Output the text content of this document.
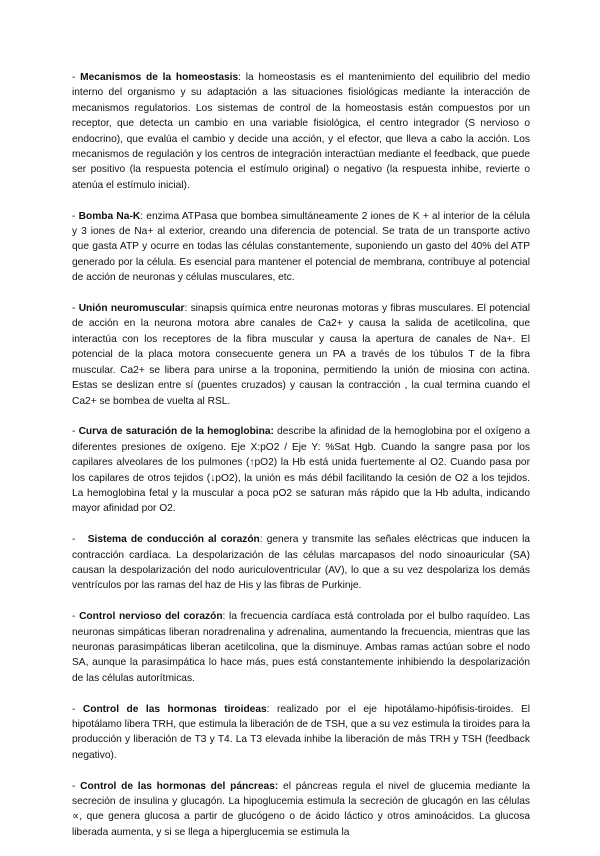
- Mecanismos de la homeostasis: la homeostasis es el mantenimiento del equilibrio del medio interno del organismo y su adaptación a las situaciones fisiológicas mediante la interacción de mecanismos regulatorios. Los sistemas de control de la homeostasis están compuestos por un receptor, que detecta un cambio en una variable fisiológica, el centro integrador (S nervioso o endocrino), que evalúa el cambio y decide una acción, y el efector, que lleva a cabo la acción. Los mecanismos de regulación y los centros de integración interactúan mediante el feedback, que puede ser positivo (la respuesta potencia el estímulo original) o negativo (la respuesta inhibe, revierte o atenúa el estímulo inicial).

- Bomba Na-K: enzima ATPasa que bombea simultáneamente 2 iones de K + al interior de la célula y 3 iones de Na+ al exterior, creando una diferencia de potencial. Se trata de un transporte activo que gasta ATP y ocurre en todas las células constantemente, suponiendo un gasto del 40% del ATP generado por la célula. Es esencial para mantener el potencial de membrana, contribuye al potencial de acción de neuronas y células musculares, etc.

- Unión neuromuscular: sinapsis química entre neuronas motoras y fibras musculares. El potencial de acción en la neurona motora abre canales de Ca2+ y causa la salida de acetilcolina, que interactúa con los receptores de la fibra muscular y causa la apertura de canales de Na+. El potencial de la placa motora consecuente genera un PA a través de los túbulos T de la fibra muscular. Ca2+ se libera para unirse a la troponina, permitiendo la unión de miosina con actina. Estas se deslizan entre sí (puentes cruzados) y causan la contracción , la cual termina cuando el Ca2+ se bombea de vuelta al RSL.

- Curva de saturación de la hemoglobina: describe la afinidad de la hemoglobina por el oxígeno a diferentes presiones de oxígeno. Eje X:pO2 / Eje Y: %Sat Hgb. Cuando la sangre pasa por los capilares alveolares de los pulmones (↑pO2) la Hb está unida fuertemente al O2. Cuando pasa por los capilares de otros tejidos (↓pO2), la unión es más débil facilitando la cesión de O2 a los tejidos. La hemoglobina fetal y la muscular a poca pO2 se saturan más rápido que la Hb adulta, indicando mayor afinidad por O2.

-   Sistema de conducción al corazón: genera y transmite las señales eléctricas que inducen la contracción cardíaca. La despolarización de las células marcapasos del nodo sinoauricular (SA) causan la despolarización del nodo auriculoventricular (AV), lo que a su vez despolariza los demás ventrículos por las ramas del haz de His y las fibras de Purkinje.

- Control nervioso del corazón: la frecuencia cardíaca está controlada por el bulbo raquídeo. Las neuronas simpáticas liberan noradrenalina y adrenalina, aumentando la frecuencia, mientras que las neuronas parasimpáticas liberan acetilcolina, que la disminuye. Ambas ramas actúan sobre el nodo SA, aunque la parasimpática lo hace más, pues está constantemente inhibiendo la despolarización de las células autorítmicas.

- Control de las hormonas tiroideas: realizado por el eje hipotálamo-hipófisis-tiroides. El hipotálamo libera TRH, que estimula la liberación de de TSH, que a su vez estimula la tiroides para la producción y liberación de T3 y T4. La T3 elevada inhibe la liberación de más TRH y TSH (feedback negativo).

- Control de las hormonas del páncreas: el páncreas regula el nivel de glucemia mediante la secreción de insulina y glucagón. La hipoglucemia estimula la secreción de glucagón en las células ∝, que genera glucosa a partir de glucógeno o de ácido láctico y otros aminoácidos. La glucosa liberada aumenta, y si se llega a hiperglucemia se estimula la
